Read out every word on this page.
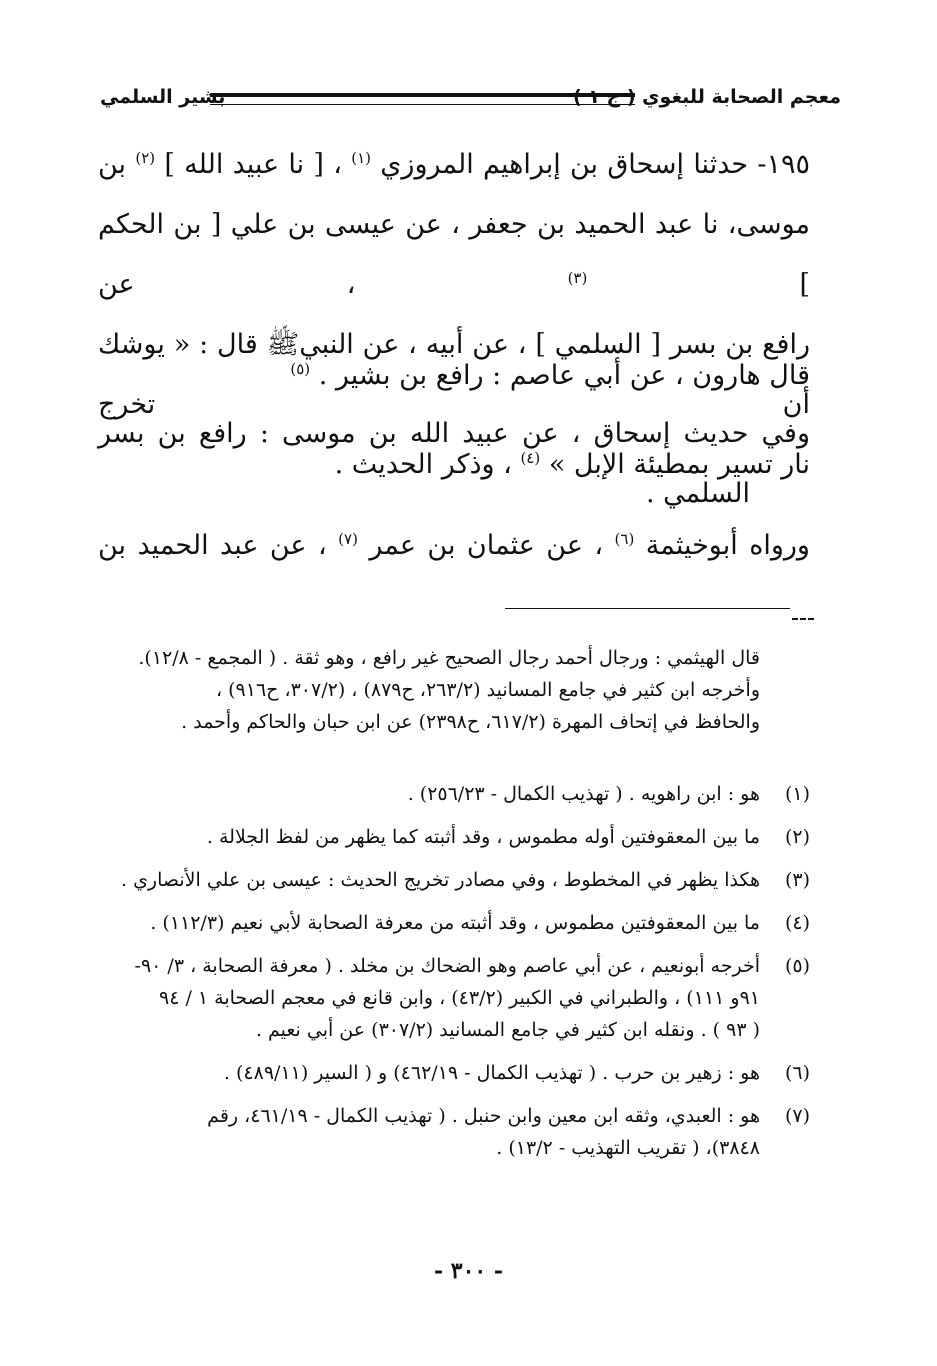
معجم الصحابة للبغوي ( ج ١ )
بشير السلمي

١٩٥- حدثنا إسحاق بن إبراهيم المروزي $^{(١)}$ ، [ نا عبيد الله ] $^{(٢)}$ بن

موسى، نا عبد الحميد بن جعفر ، عن عيسى بن علي [ بن الحكم ] $^{(٣)}$ ، عن

رافع بن بسر [ السلمي ] ، عن أبيه ، عن النبيﷺ قال : « يوشك أن تخرج

نار تسير بمطيئة الإبل » $^{(٤)}$ ، وذكر الحديث .

قال هارون ، عن أبي عاصم : رافع بن بشير . $^{(٥)}$

وفي حديث إسحاق ، عن عبيد الله بن موسى : رافع بن بسر

السلمي .

ورواه أبوخيثمة $^{(٦)}$ ، عن عثمان بن عمر $^{(٧)}$ ، عن عبد الحميد بن

قال الهيثمي : ورجال أحمد رجال الصحيح غير رافع ، وهو ثقة . ( المجمع - ١٢/٨).

وأخرجه ابن كثير في جامع المسانيد (٢٦٣/٢، ح٨٧٩) ، (٣٠٧/٢، ح٩١٦) ،

والحافظ في إتحاف المهرة (٦١٧/٢، ح٢٣٩٨) عن ابن حبان والحاكم وأحمد .

(١)

هو : ابن راهويه . ( تهذيب الكمال - ٢٥٦/٢٣) .

(٢)

ما بين المعقوفتين أوله مطموس ، وقد أثبته كما يظهر من لفظ الجلالة .

(٣)

هكذا يظهر في المخطوط ، وفي مصادر تخريج الحديث : عيسى بن علي الأنصاري .

(٤)

ما بين المعقوفتين مطموس ، وقد أثبته من معرفة الصحابة لأبي نعيم (١١٢/٣) .

(٥)

أخرجه أبونعيم ، عن أبي عاصم وهو الضحاك بن مخلد . ( معرفة الصحابة ، ٣/ ٩٠-

٩١و ١١١) ، والطبراني في الكبير (٤٣/٢) ، وابن قانع في معجم الصحابة ١ / ٩٤

( ٩٣ ) . ونقله ابن كثير في جامع المسانيد (٣٠٧/٢) عن أبي نعيم .

(٦)

هو : زهير بن حرب . ( تهذيب الكمال - ٤٦٢/١٩) و ( السير (٤٨٩/١١) .

(٧)

هو : العبدي، وثقه ابن معين وابن حنبل . ( تهذيب الكمال - ٤٦١/١٩، رقم

٣٨٤٨)، ( تقريب التهذيب - ١٣/٢) .

- ٣٠٠ -
